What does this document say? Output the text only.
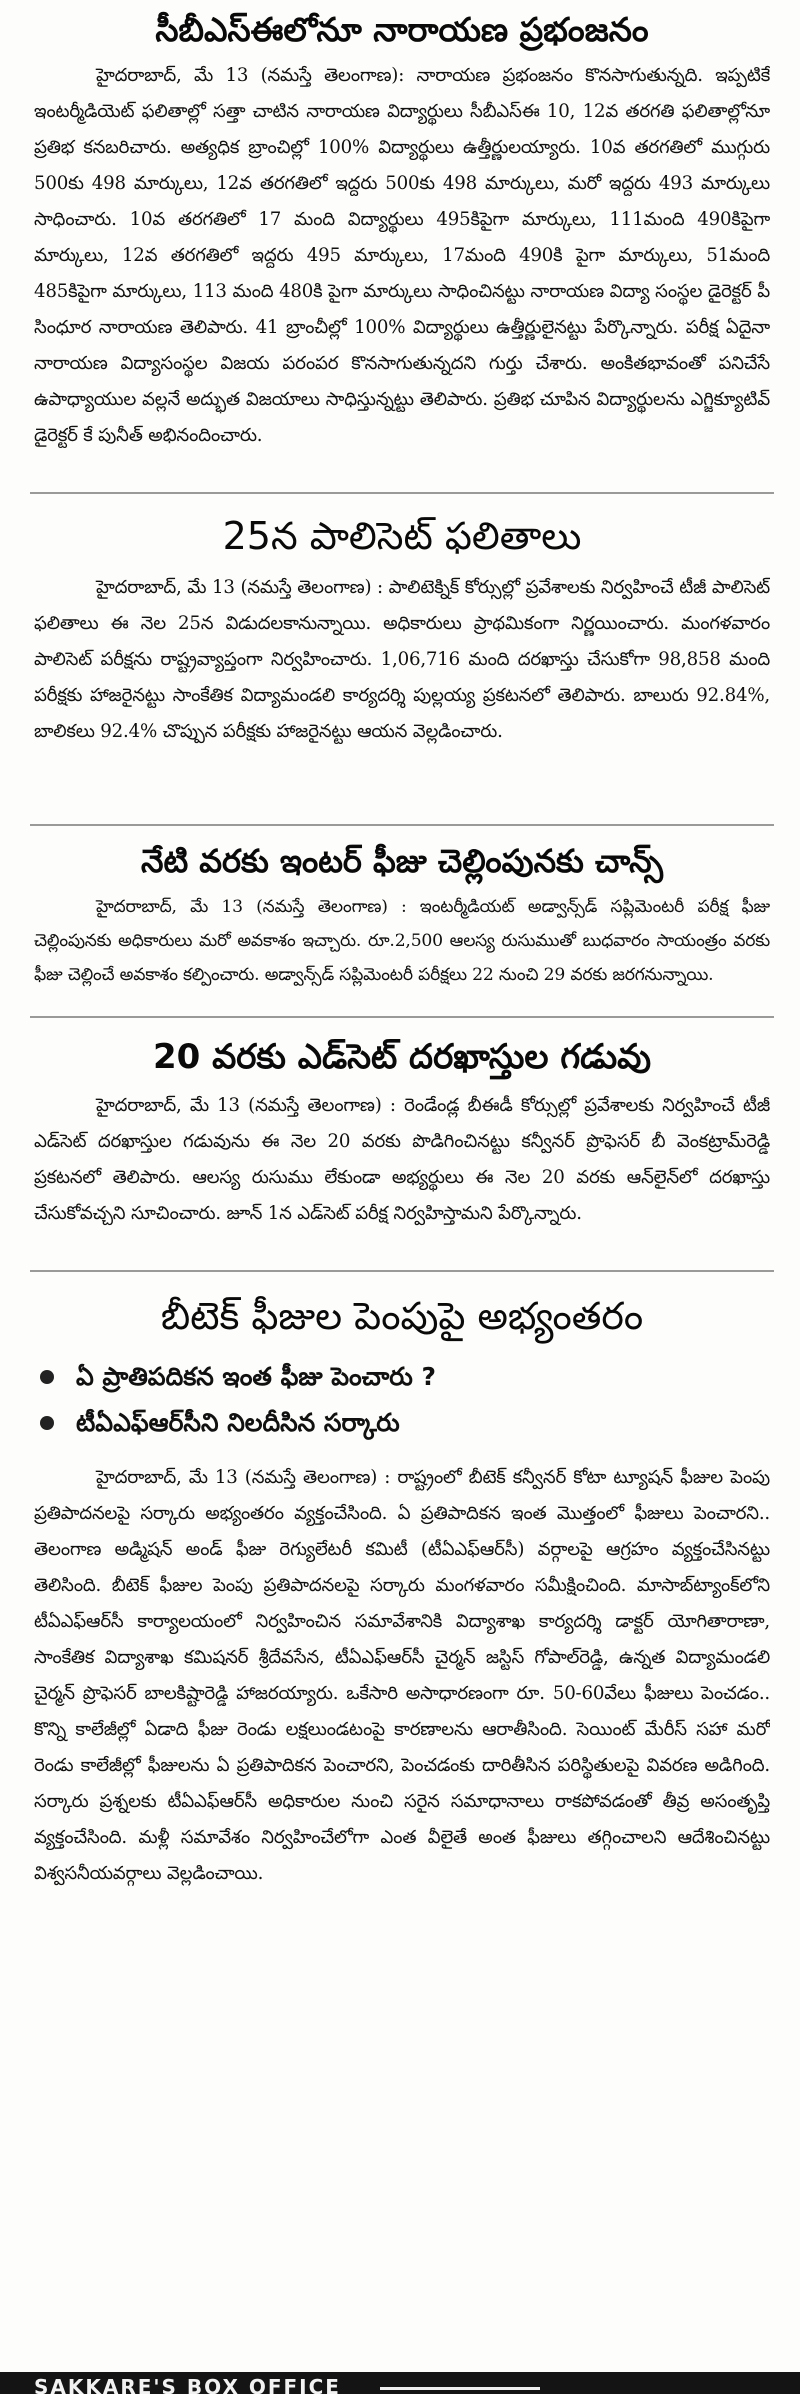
సీబీఎస్‌ఈలోనూ నారాయణ ప్రభంజనం

హైదరాబాద్‌, మే 13 (నమస్తే తెలంగాణ): నారాయణ ప్రభంజనం కొనసాగుతున్నది. ఇప్పటికే ఇంటర్మీడియెట్‌ ఫలితాల్లో సత్తా చాటిన నారాయణ విద్యార్థులు సీబీఎస్‌ఈ 10, 12వ తరగతి ఫలితాల్లోనూ ప్రతిభ కనబరిచారు. అత్యధిక బ్రాంచిల్లో 100% విద్యార్థులు ఉత్తీర్ణులయ్యారు. 10వ తరగతిలో ముగ్గురు 500కు 498 మార్కులు, 12వ తరగతిలో ఇద్దరు 500కు 498 మార్కులు, మరో ఇద్దరు 493 మార్కులు సాధించారు. 10వ తరగతిలో 17 మంది విద్యార్థులు 495కిపైగా మార్కులు, 111మంది 490కిపైగా మార్కులు, 12వ తరగతిలో ఇద్దరు 495 మార్కులు, 17మంది 490కి పైగా మార్కులు, 51మంది 485కిపైగా మార్కులు, 113 మంది 480కి పైగా మార్కులు సాధించినట్టు నారాయణ విద్యా సంస్థల డైరెక్టర్‌ పీ సింధూర నారాయణ తెలిపారు. 41 బ్రాంచీల్లో 100% విద్యార్థులు ఉత్తీర్ణులైనట్టు పేర్కొన్నారు. పరీక్ష ఏదైనా నారాయణ విద్యాసంస్థల విజయ పరంపర కొనసాగుతున్నదని గుర్తు చేశారు. అంకితభావంతో పనిచేసే ఉపాధ్యాయుల వల్లనే అద్భుత విజయాలు సాధిస్తున్నట్టు తెలిపారు. ప్రతిభ చూపిన విద్యార్థులను ఎగ్జిక్యూటివ్‌ డైరెక్టర్‌ కే పునీత్‌ అభినందించారు.

25న పాలిసెట్‌ ఫలితాలు

హైదరాబాద్‌, మే 13 (నమస్తే తెలంగాణ) : పాలిటెక్నిక్‌ కోర్సుల్లో ప్రవేశాలకు నిర్వహించే టీజీ పాలిసెట్‌ ఫలితాలు ఈ నెల 25న విడుదలకానున్నాయి. అధికారులు ప్రాథమికంగా నిర్ణయించారు. మంగళవారం పాలిసెట్‌ పరీక్షను రాష్ట్రవ్యాప్తంగా నిర్వహించారు. 1,06,716 మంది దరఖాస్తు చేసుకోగా 98,858 మంది పరీక్షకు హాజరైనట్టు సాంకేతిక విద్యామండలి కార్యదర్శి పుల్లయ్య ప్రకటనలో తెలిపారు. బాలురు 92.84%, బాలికలు 92.4% చొప్పున పరీక్షకు హాజరైనట్టు ఆయన వెల్లడించారు.

నేటి వరకు ఇంటర్‌ ఫీజు చెల్లింపునకు చాన్స్‌

హైదరాబాద్‌, మే 13 (నమస్తే తెలంగాణ) : ఇంటర్మీడియట్‌ అడ్వాన్స్‌డ్‌ సప్లిమెంటరీ పరీక్ష ఫీజు చెల్లింపునకు అధికారులు మరో అవకాశం ఇచ్చారు. రూ.2,500 ఆలస్య రుసుముతో బుధవారం సాయంత్రం వరకు ఫీజు చెల్లించే అవకాశం కల్పించారు. అడ్వాన్స్‌డ్‌ సప్లిమెంటరీ పరీక్షలు 22 నుంచి 29 వరకు జరగనున్నాయి.

20 వరకు ఎడ్‌సెట్‌ దరఖాస్తుల గడువు

హైదరాబాద్‌, మే 13 (నమస్తే తెలంగాణ) : రెండేండ్ల బీఈడీ కోర్సుల్లో ప్రవేశాలకు నిర్వహించే టీజీ ఎడ్‌సెట్‌ దరఖాస్తుల గడువును ఈ నెల 20 వరకు పొడిగించినట్టు కన్వీనర్‌ ప్రొఫెసర్‌ బీ వెంకట్రామ్‌రెడ్డి ప్రకటనలో తెలిపారు. ఆలస్య రుసుము లేకుండా అభ్యర్థులు ఈ నెల 20 వరకు ఆన్‌లైన్‌లో దరఖాస్తు చేసుకోవచ్చని సూచించారు. జూన్‌ 1న ఎడ్‌సెట్‌ పరీక్ష నిర్వహిస్తామని పేర్కొన్నారు.

బీటెక్‌ ఫీజుల పెంపుపై అభ్యంతరం
ఏ ప్రాతిపదికన ఇంత ఫీజు పెంచారు ?
టీఏఎఫ్‌ఆర్‌సీని నిలదీసిన సర్కారు

హైదరాబాద్‌, మే 13 (నమస్తే తెలంగాణ) : రాష్ట్రంలో బీటెక్‌ కన్వీనర్‌ కోటా ట్యూషన్‌ ఫీజుల పెంపు ప్రతిపాదనలపై సర్కారు అభ్యంతరం వ్యక్తంచేసింది. ఏ ప్రతిపాదికన ఇంత మొత్తంలో ఫీజులు పెంచారని.. తెలంగాణ అడ్మిషన్‌ అండ్‌ ఫీజు రెగ్యులేటరీ కమిటీ (టీఏఎఫ్‌ఆర్‌సీ) వర్గాలపై ఆగ్రహం వ్యక్తంచేసినట్టు తెలిసింది. బీటెక్‌ ఫీజుల పెంపు ప్రతిపాదనలపై సర్కారు మంగళవారం సమీక్షించింది. మాసాబ్‌ట్యాంక్‌లోని టీఏఎఫ్‌ఆర్‌సీ కార్యాలయంలో నిర్వహించిన సమావేశానికి విద్యాశాఖ కార్యదర్శి డాక్టర్‌ యోగితారాణా, సాంకేతిక విద్యాశాఖ కమిషనర్‌ శ్రీదేవసేన, టీఏఎఫ్‌ఆర్‌సీ చైర్మన్‌ జస్టిస్‌ గోపాల్‌రెడ్డి, ఉన్నత విద్యామండలి చైర్మన్‌ ప్రొఫెసర్‌ బాలకిష్టారెడ్డి హాజరయ్యారు. ఒకేసారి అసాధారణంగా రూ. 50-60వేలు ఫీజులు పెంచడం.. కొన్ని కాలేజీల్లో ఏడాది ఫీజు రెండు లక్షలుండటంపై కారణాలను ఆరాతీసింది. సెయింట్‌ మేరీస్‌ సహా మరో రెండు కాలేజీల్లో ఫీజులను ఏ ప్రతిపాదికన పెంచారని, పెంచడంకు దారితీసిన పరిస్థితులపై వివరణ అడిగింది. సర్కారు ప్రశ్నలకు టీఏఎఫ్‌ఆర్‌సీ అధికారుల నుంచి సరైన సమాధానాలు రాకపోవడంతో తీవ్ర అసంతృప్తి వ్యక్తంచేసింది. మళ్లీ సమావేశం నిర్వహించేలోగా ఎంత వీలైతే అంత ఫీజులు తగ్గించాలని ఆదేశించినట్టు విశ్వసనీయవర్గాలు వెల్లడించాయి.

SAKKARE'S BOX OFFICE
